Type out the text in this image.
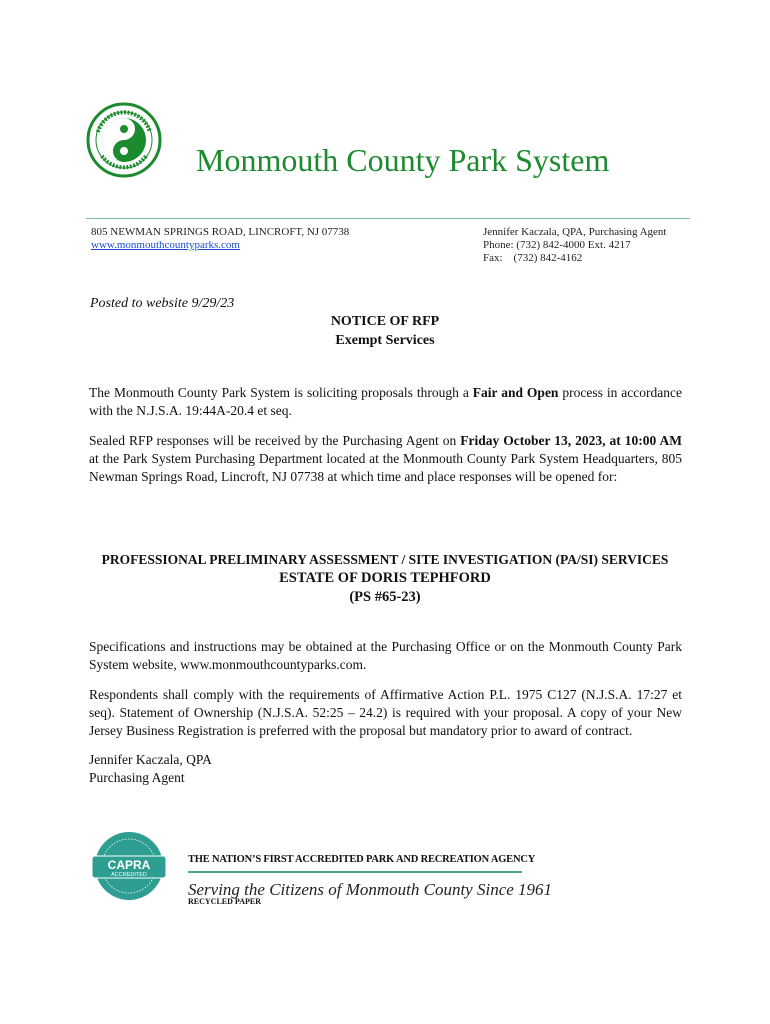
Monmouth County Park System
805 NEWMAN SPRINGS ROAD, LINCROFT, NJ 07738
www.monmouthcountyparks.com
Jennifer Kaczala, QPA, Purchasing Agent
Phone: (732) 842-4000 Ext. 4217
Fax:    (732) 842-4162
Posted to website 9/29/23
NOTICE OF RFP
Exempt Services
The Monmouth County Park System is soliciting proposals through a Fair and Open process in accordance with the N.J.S.A. 19:44A-20.4 et seq.
Sealed RFP responses will be received by the Purchasing Agent on Friday October 13, 2023, at 10:00 AM at the Park System Purchasing Department located at the Monmouth County Park System Headquarters, 805 Newman Springs Road, Lincroft, NJ 07738 at which time and place responses will be opened for:
PROFESSIONAL PRELIMINARY ASSESSMENT / SITE INVESTIGATION (PA/SI) SERVICES
ESTATE OF DORIS TEPHFORD
(PS #65-23)
Specifications and instructions may be obtained at the Purchasing Office or on the Monmouth County Park System website, www.monmouthcountyparks.com.
Respondents shall comply with the requirements of Affirmative Action P.L. 1975 C127 (N.J.S.A. 17:27 et seq). Statement of Ownership (N.J.S.A. 52:25 – 24.2) is required with your proposal. A copy of your New Jersey Business Registration is preferred with the proposal but mandatory prior to award of contract.
Jennifer Kaczala, QPA
Purchasing Agent
CAPRA
ACCREDITED
THE NATION’S FIRST ACCREDITED PARK AND RECREATION AGENCY
Serving the Citizens of Monmouth County Since 1961
RECYCLED PAPER
